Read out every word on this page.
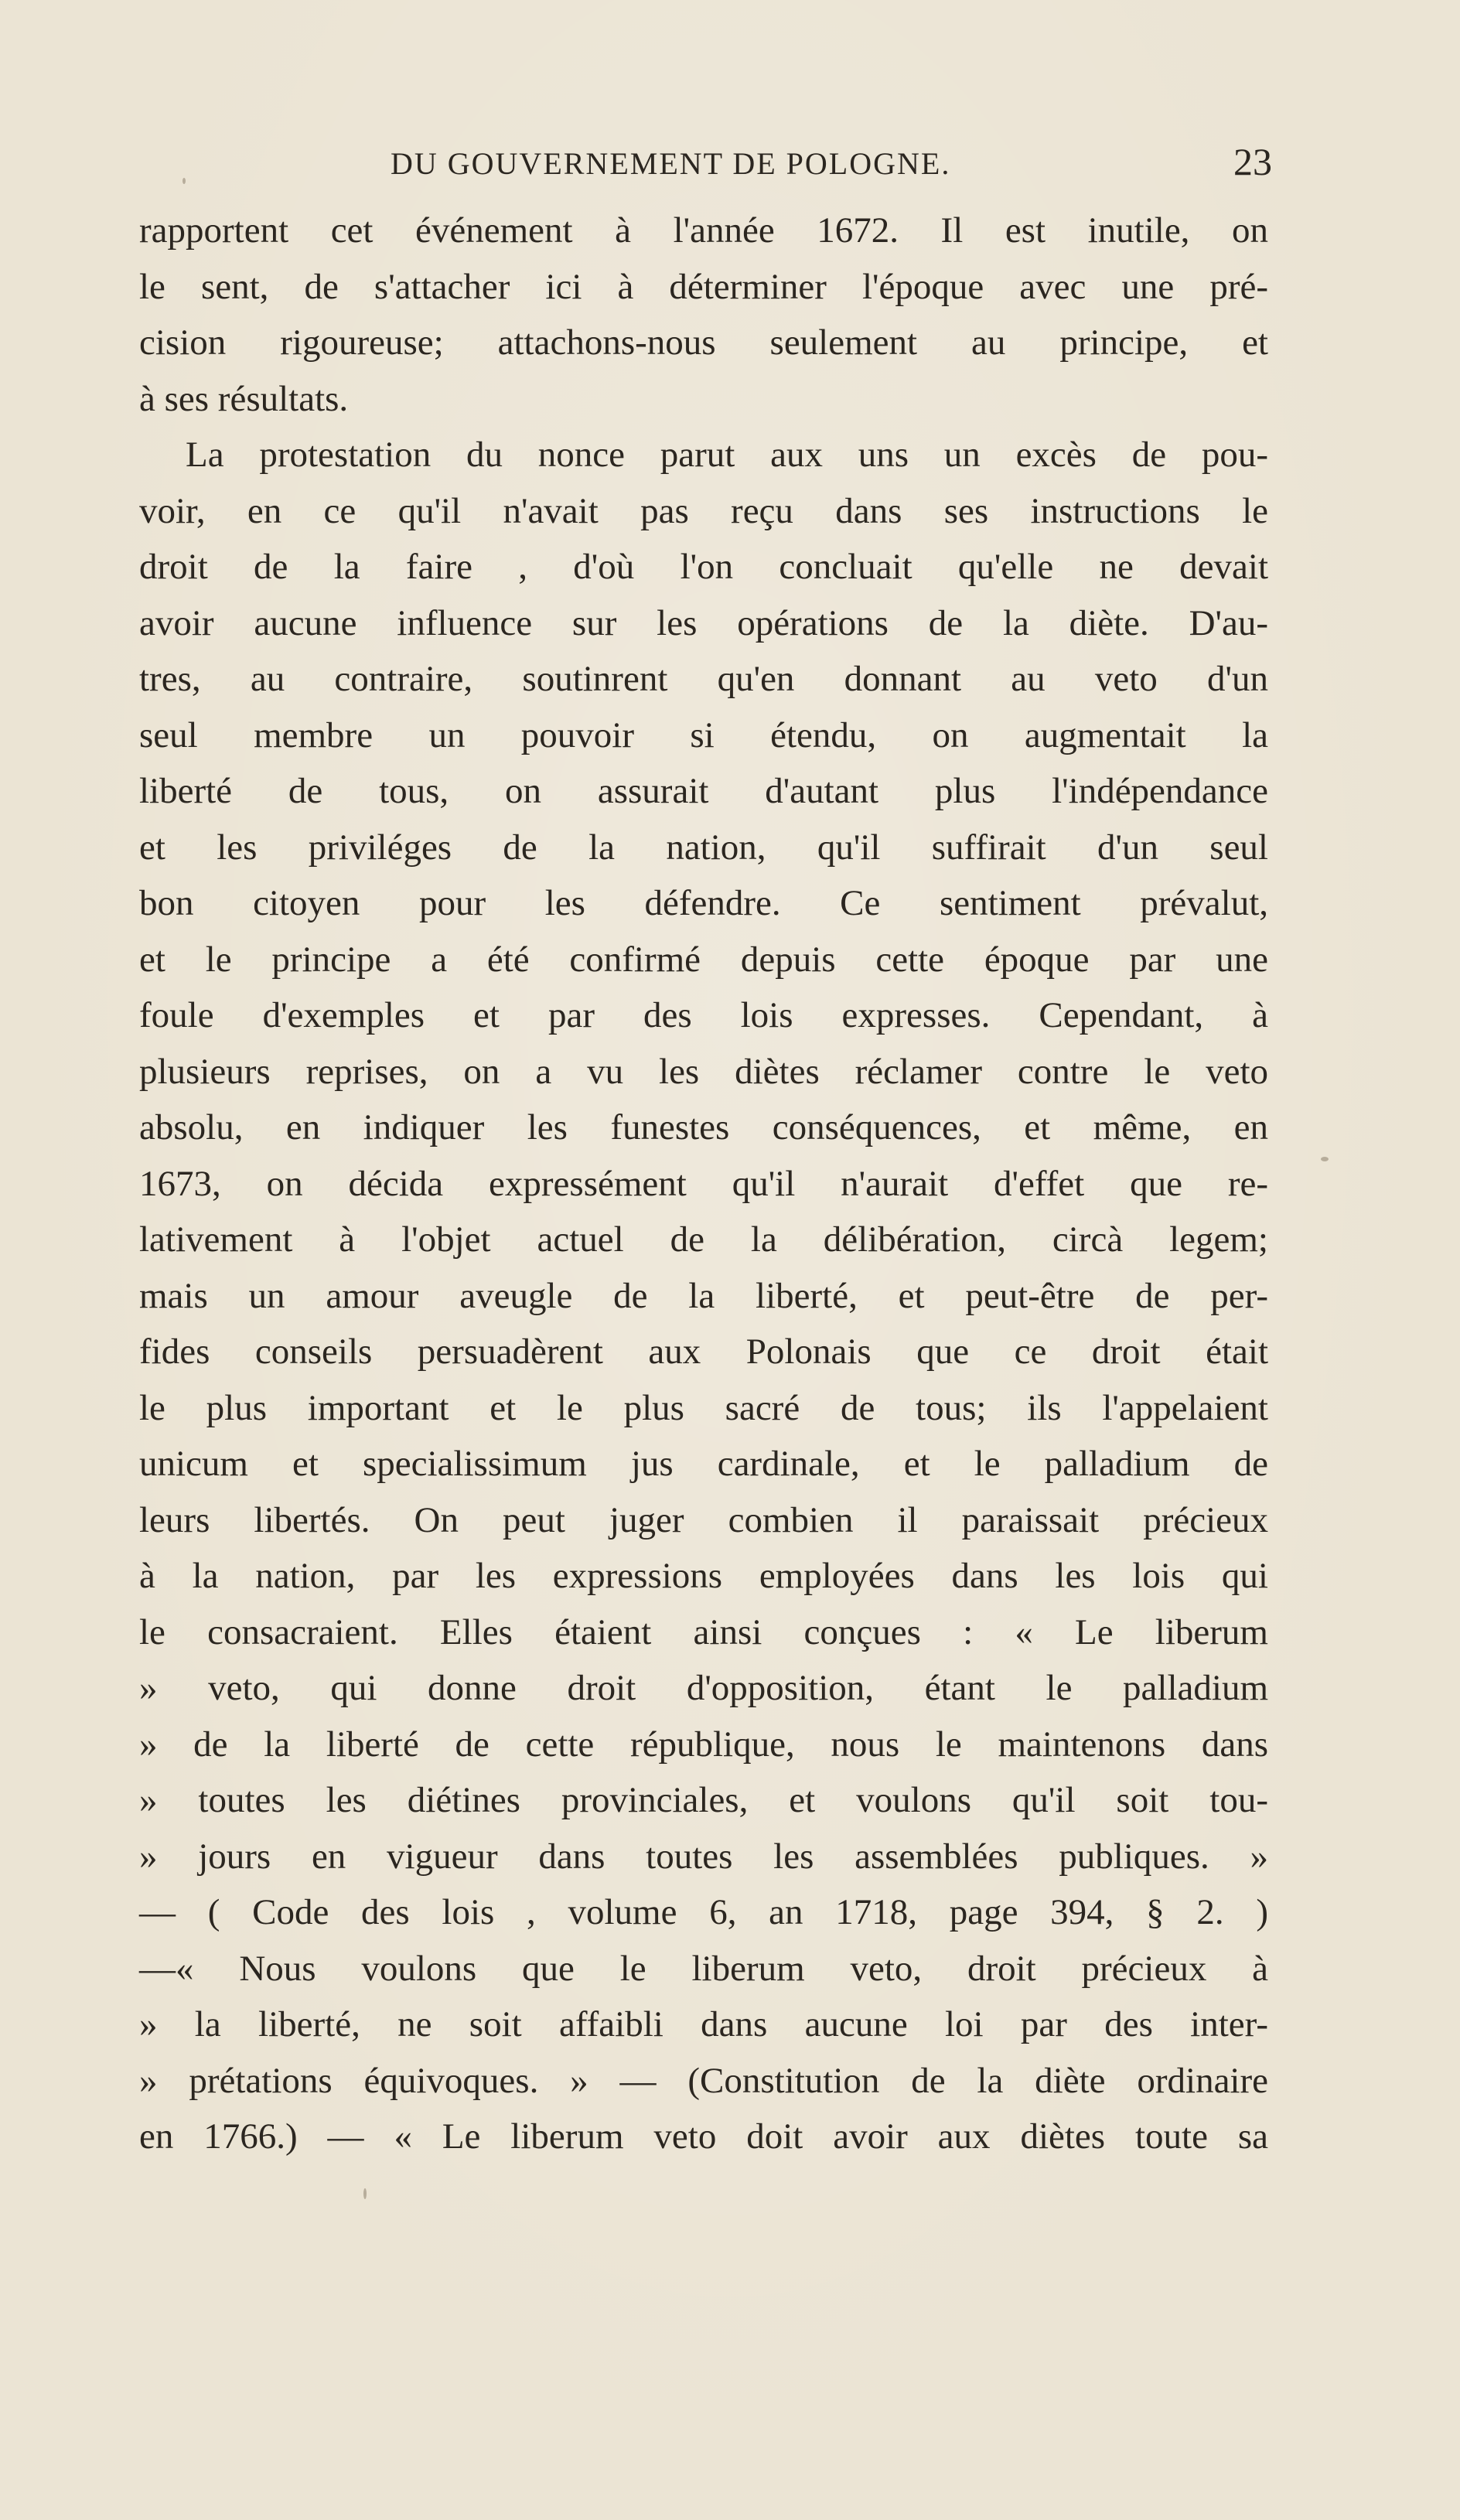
DU GOUVERNEMENT DE POLOGNE.	23
rapportent cet événement à l'année 1672. Il est inutile, on
le sent, de s'attacher ici à déterminer l'époque avec une pré-
cision rigoureuse; attachons-nous seulement au principe, et
à ses résultats.
La protestation du nonce parut aux uns un excès de pou-
voir, en ce qu'il n'avait pas reçu dans ses instructions le
droit de la faire , d'où l'on concluait qu'elle ne devait
avoir aucune influence sur les opérations de la diète. D'au-
tres, au contraire, soutinrent qu'en donnant au veto d'un
seul membre un pouvoir si étendu, on augmentait la
liberté de tous, on assurait d'autant plus l'indépendance
et les priviléges de la nation, qu'il suffirait d'un seul
bon citoyen pour les défendre. Ce sentiment prévalut,
et le principe a été confirmé depuis cette époque par une
foule d'exemples et par des lois expresses. Cependant, à
plusieurs reprises, on a vu les diètes réclamer contre le veto
absolu, en indiquer les funestes conséquences, et même, en
1673, on décida expressément qu'il n'aurait d'effet que re-
lativement à l'objet actuel de la délibération, circà legem;
mais un amour aveugle de la liberté, et peut-être de per-
fides conseils persuadèrent aux Polonais que ce droit était
le plus important et le plus sacré de tous; ils l'appelaient
unicum et specialissimum jus cardinale, et le palladium de
leurs libertés. On peut juger combien il paraissait précieux
à la nation, par les expressions employées dans les lois qui
le consacraient. Elles étaient ainsi conçues : « Le liberum
» veto, qui donne droit d'opposition, étant le palladium
» de la liberté de cette république, nous le maintenons dans
» toutes les diétines provinciales, et voulons qu'il soit tou-
» jours en vigueur dans toutes les assemblées publiques. »
— ( Code des lois , volume 6, an 1718, page 394, § 2. )
—« Nous voulons que le liberum veto, droit précieux à
» la liberté, ne soit affaibli dans aucune loi par des inter-
» prétations équivoques. » — (Constitution de la diète ordinaire
en 1766.) — « Le liberum veto doit avoir aux diètes toute sa
